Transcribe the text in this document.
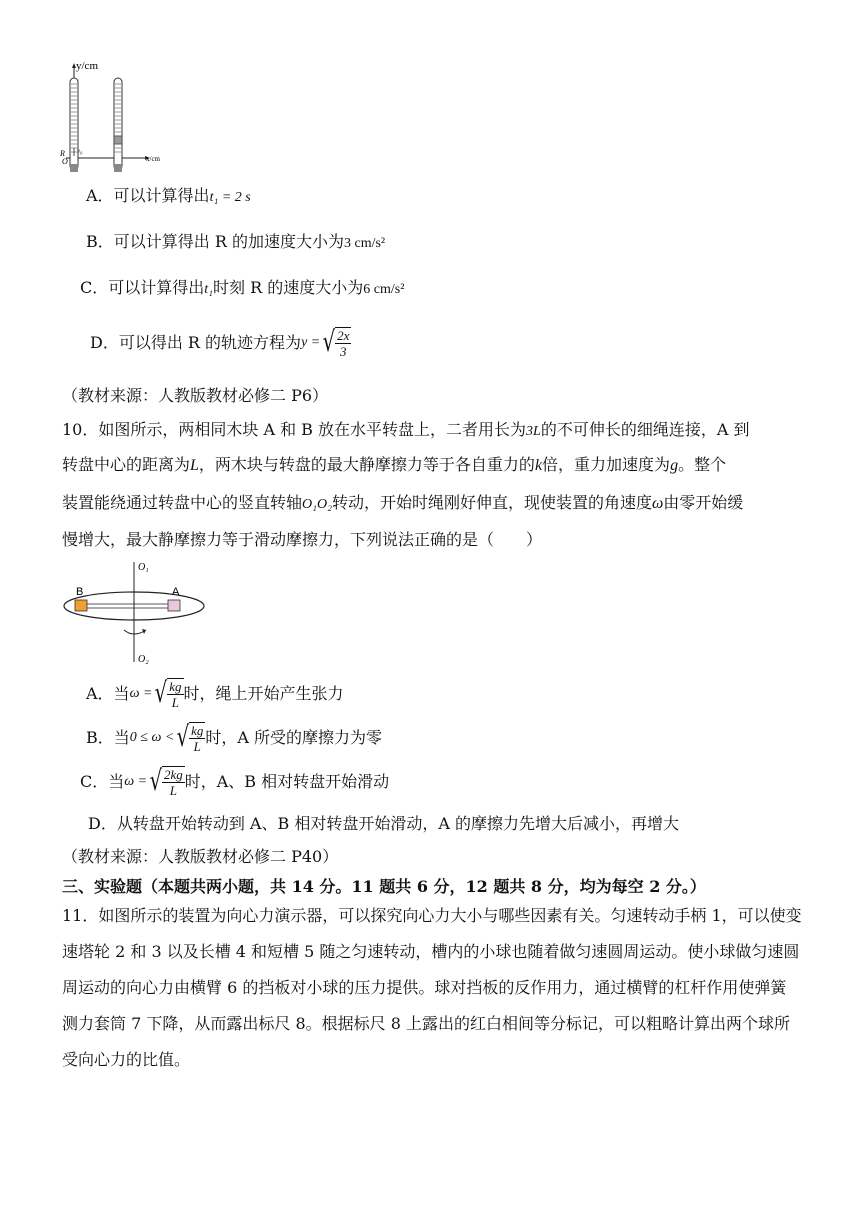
y/cm
x/cm
R
O
v₀
A．可以计算得出t₁ = 2 s
B．可以计算得出 R 的加速度大小为3 cm/s²
C．可以计算得出t₁时刻 R 的速度大小为6 cm/s²
D．可以得出 R 的轨迹方程为 y = √ $\frac{2x}{3}$
（教材来源：人教版教材必修二 P6）
10．如图所示，两相同木块 A 和 B 放在水平转盘上，二者用长为3L的不可伸长的细绳连接，A 到
转盘中心的距离为L，两木块与转盘的最大静摩擦力等于各自重力的k倍，重力加速度为g。整个
装置能绕通过转盘中心的竖直转轴O₁O₂转动，开始时绳刚好伸直，现使装置的角速度ω由零开始缓
慢增大，最大静摩擦力等于滑动摩擦力，下列说法正确的是（　　）
B	A
O₁
O₂
A．当 ω = √ $\frac{kg}{L}$ 时，绳上开始产生张力
B．当 0 ≤ ω < √ $\frac{kg}{L}$ 时，A 所受的摩擦力为零
C．当 ω = √ $\frac{2kg}{L}$ 时，A、B 相对转盘开始滑动
D．从转盘开始转动到 A、B 相对转盘开始滑动，A 的摩擦力先增大后减小，再增大
（教材来源：人教版教材必修二 P40）
三、实验题（本题共两小题，共 14 分。11 题共 6 分，12 题共 8 分，均为每空 2 分。）
11．如图所示的装置为向心力演示器，可以探究向心力大小与哪些因素有关。匀速转动手柄 1，可以使变速塔轮 2 和 3 以及长槽 4 和短槽 5 随之匀速转动，槽内的小球也随着做匀速圆周运动。使小球做匀速圆周运动的向心力由横臂 6 的挡板对小球的压力提供。球对挡板的反作用力，通过横臂的杠杆作用使弹簧测力套筒 7 下降，从而露出标尺 8。根据标尺 8 上露出的红白相间等分标记，可以粗略计算出两个球所受向心力的比值。
